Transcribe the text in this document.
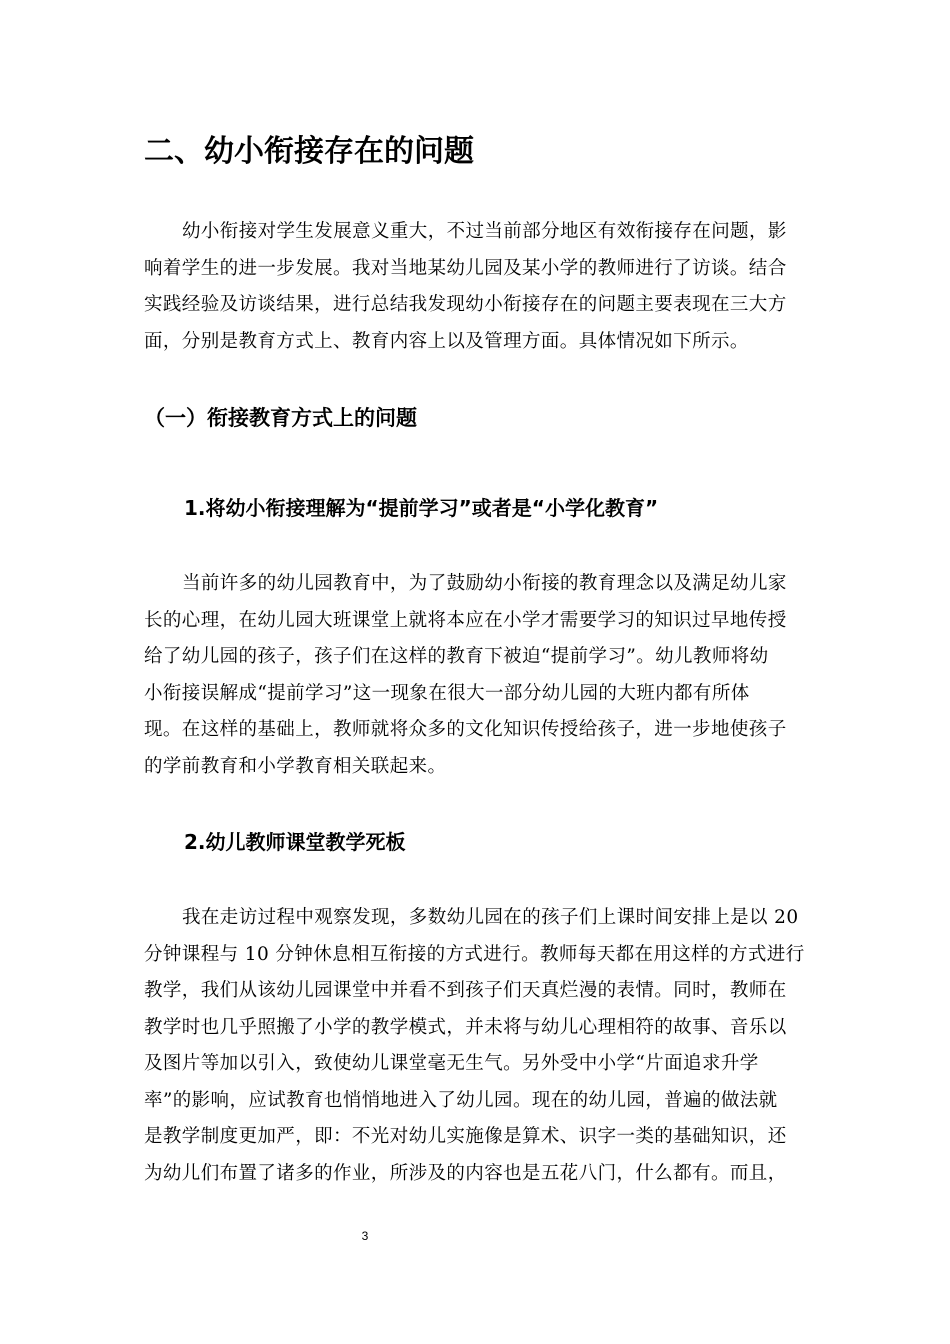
二、幼小衔接存在的问题
幼小衔接对学生发展意义重大，不过当前部分地区有效衔接存在问题，影
响着学生的进一步发展。我对当地某幼儿园及某小学的教师进行了访谈。结合
实践经验及访谈结果，进行总结我发现幼小衔接存在的问题主要表现在三大方
面，分别是教育方式上、教育内容上以及管理方面。具体情况如下所示。
（一）衔接教育方式上的问题
1.将幼小衔接理解为“提前学习”或者是“小学化教育”
当前许多的幼儿园教育中，为了鼓励幼小衔接的教育理念以及满足幼儿家
长的心理，在幼儿园大班课堂上就将本应在小学才需要学习的知识过早地传授
给了幼儿园的孩子，孩子们在这样的教育下被迫“提前学习”。幼儿教师将幼
小衔接误解成“提前学习”这一现象在很大一部分幼儿园的大班内都有所体
现。在这样的基础上，教师就将众多的文化知识传授给孩子，进一步地使孩子
的学前教育和小学教育相关联起来。
2.幼儿教师课堂教学死板
我在走访过程中观察发现，多数幼儿园在的孩子们上课时间安排上是以 20
分钟课程与 10 分钟休息相互衔接的方式进行。教师每天都在用这样的方式进行
教学，我们从该幼儿园课堂中并看不到孩子们天真烂漫的表情。同时，教师在
教学时也几乎照搬了小学的教学模式，并未将与幼儿心理相符的故事、音乐以
及图片等加以引入，致使幼儿课堂毫无生气。另外受中小学“片面追求升学
率”的影响，应试教育也悄悄地进入了幼儿园。现在的幼儿园，普遍的做法就
是教学制度更加严，即：不光对幼儿实施像是算术、识字一类的基础知识，还
为幼儿们布置了诸多的作业，所涉及的内容也是五花八门，什么都有。而且，
3
